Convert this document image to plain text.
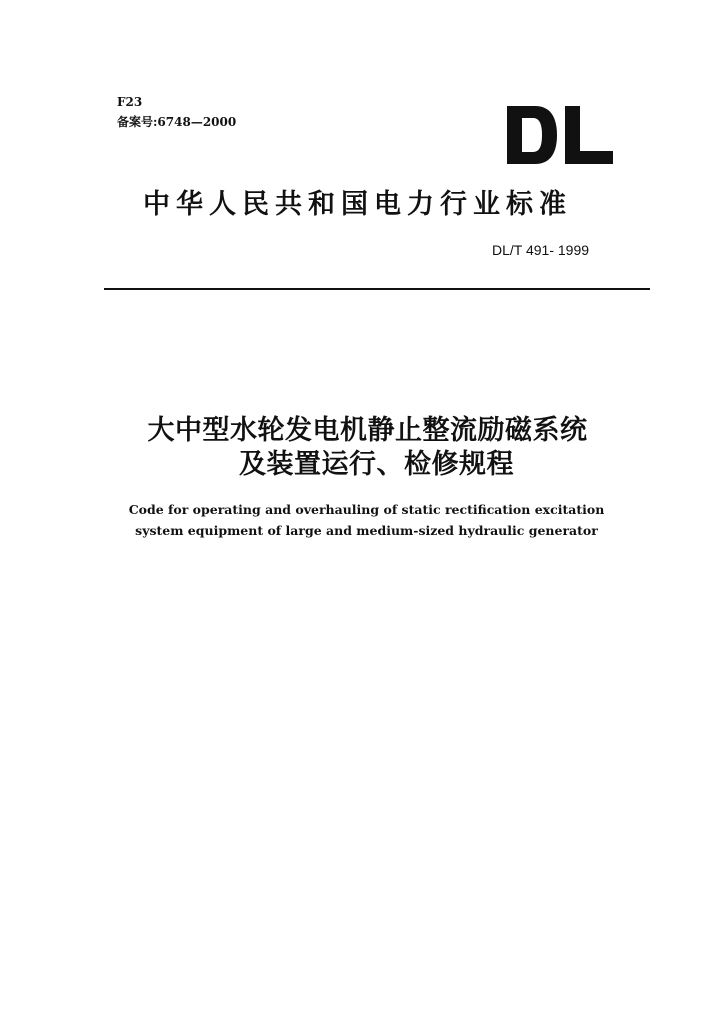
F23
备案号:6748—2000
中华人民共和国电力行业标准
DL/T 491- 1999
大中型水轮发电机静止整流励磁系统
及装置运行、检修规程
Code for operating and overhauling of static rectification excitation
system equipment of large and medium-sized hydraulic generator
